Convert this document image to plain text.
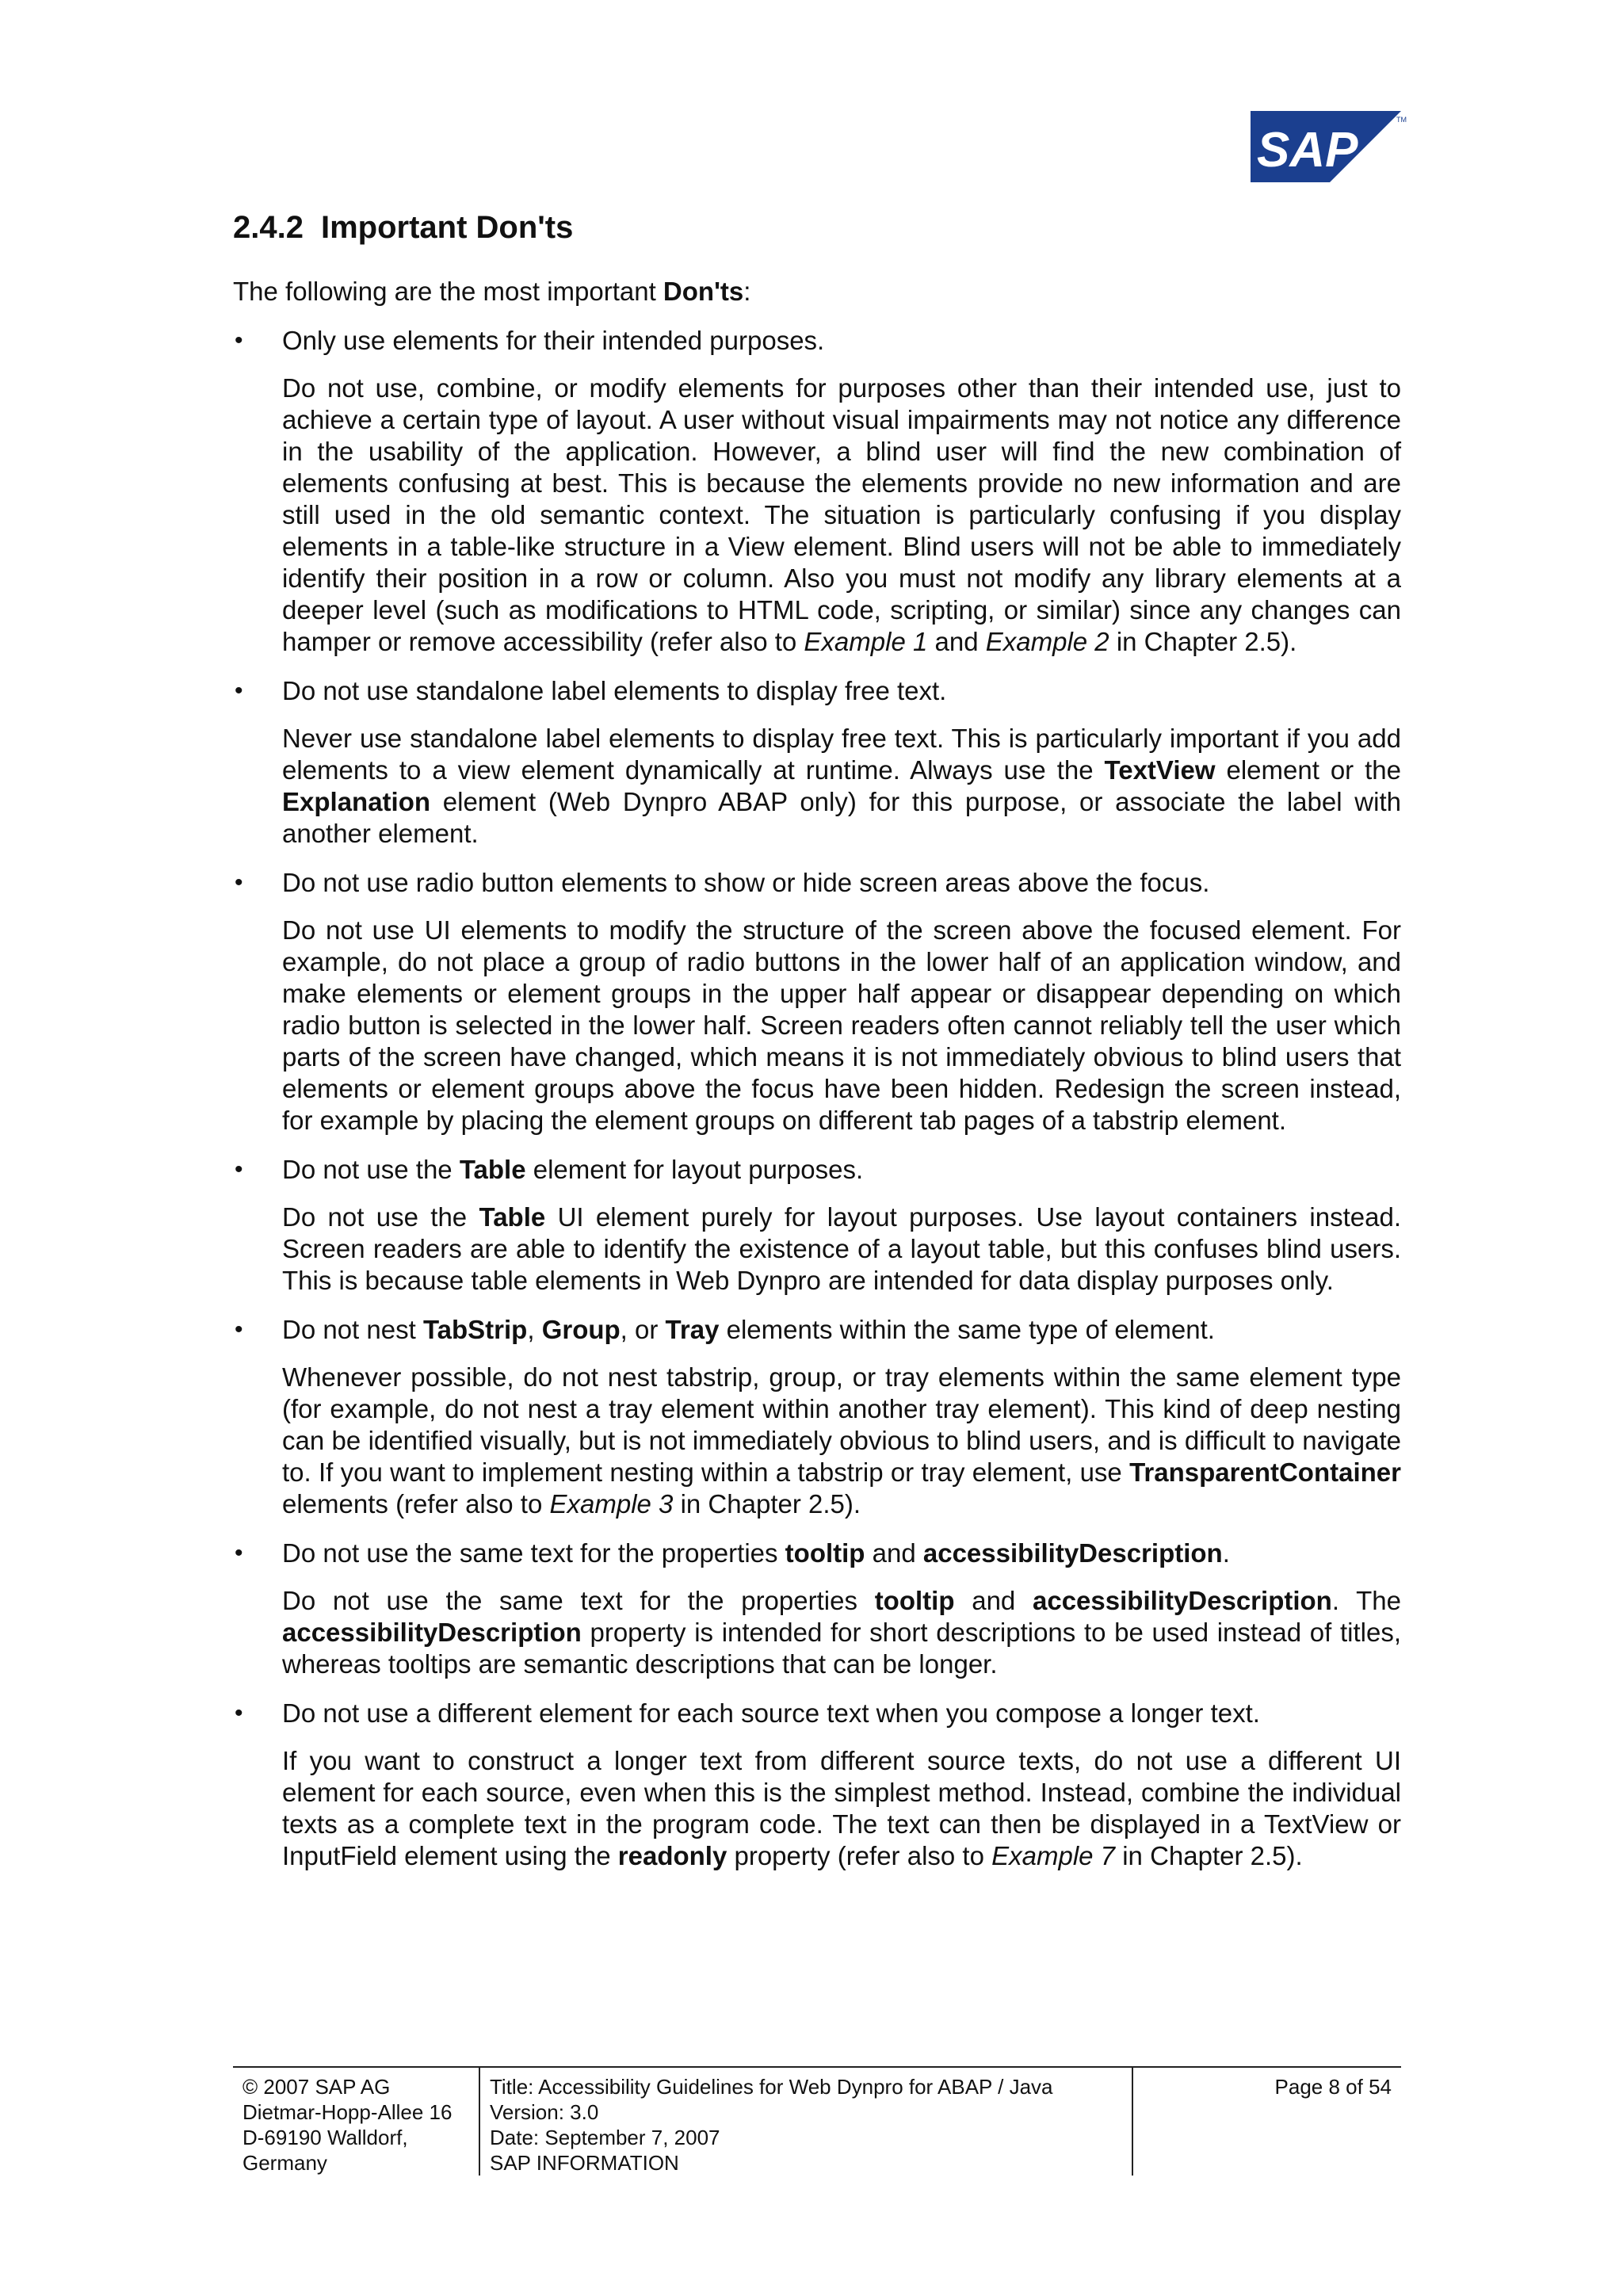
SAP
TM
2.4.2 Important Don'ts

The following are the most important Don'ts:

•	Only use elements for their intended purposes.

Do not use, combine, or modify elements for purposes other than their intended use, just to achieve a certain type of layout. A user without visual impairments may not notice any difference in the usability of the application. However, a blind user will find the new combination of elements confusing at best. This is because the elements provide no new information and are still used in the old semantic context. The situation is particularly confusing if you display elements in a table-like structure in a View element. Blind users will not be able to immediately identify their position in a row or column. Also you must not modify any library elements at a deeper level (such as modifications to HTML code, scripting, or similar) since any changes can hamper or remove accessibility (refer also to Example 1 and Example 2 in Chapter 2.5).

•	Do not use standalone label elements to display free text.

Never use standalone label elements to display free text. This is particularly important if you add elements to a view element dynamically at runtime. Always use the TextView element or the Explanation element (Web Dynpro ABAP only) for this purpose, or associate the label with another element.

•	Do not use radio button elements to show or hide screen areas above the focus.

Do not use UI elements to modify the structure of the screen above the focused element. For example, do not place a group of radio buttons in the lower half of an application window, and make elements or element groups in the upper half appear or disappear depending on which radio button is selected in the lower half. Screen readers often cannot reliably tell the user which parts of the screen have changed, which means it is not immediately obvious to blind users that elements or element groups above the focus have been hidden. Redesign the screen instead, for example by placing the element groups on different tab pages of a tabstrip element.

•	Do not use the Table element for layout purposes.

Do not use the Table UI element purely for layout purposes. Use layout containers instead. Screen readers are able to identify the existence of a layout table, but this confuses blind users. This is because table elements in Web Dynpro are intended for data display purposes only.

•	Do not nest TabStrip, Group, or Tray elements within the same type of element.

Whenever possible, do not nest tabstrip, group, or tray elements within the same element type (for example, do not nest a tray element within another tray element). This kind of deep nesting can be identified visually, but is not immediately obvious to blind users, and is difficult to navigate to. If you want to implement nesting within a tabstrip or tray element, use TransparentContainer elements (refer also to Example 3 in Chapter 2.5).

•	Do not use the same text for the properties tooltip and accessibilityDescription.

Do not use the same text for the properties tooltip and accessibilityDescription. The accessibilityDescription property is intended for short descriptions to be used instead of titles, whereas tooltips are semantic descriptions that can be longer.

•	Do not use a different element for each source text when you compose a longer text.

If you want to construct a longer text from different source texts, do not use a different UI element for each source, even when this is the simplest method. Instead, combine the individual texts as a complete text in the program code. The text can then be displayed in a TextView or InputField element using the readonly property (refer also to Example 7 in Chapter 2.5).

© 2007 SAP AG
Dietmar-Hopp-Allee 16
D-69190 Walldorf,
Germany
Title: Accessibility Guidelines for Web Dynpro for ABAP / Java
Version: 3.0
Date: September 7, 2007
SAP INFORMATION
Page 8 of 54
